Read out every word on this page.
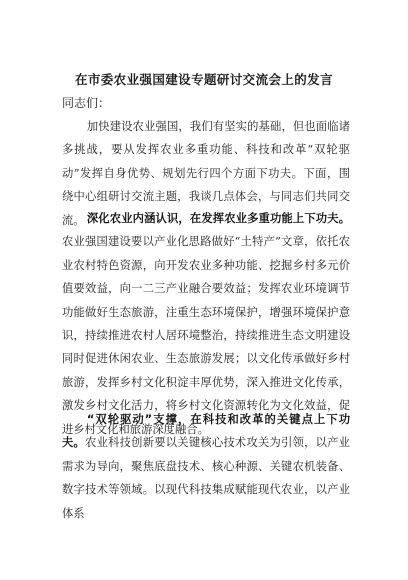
在市委农业强国建设专题研讨交流会上的发言

同志们：

加快建设农业强国，我们有坚实的基础，但也面临诸多挑战，要从发挥农业多重功能、科技和改革“双轮驱动”发挥自身优势、规划先行四个方面下功夫。下面，围绕中心组研讨交流主题，我谈几点体会，与同志们共同交流。 深化农业内涵认识，在发挥农业多重功能上下功夫。农业强国建设要以产业化思路做好“土特产”文章，依托农业农村特色资源，向开发农业多种功能、挖掘乡村多元价值要效益，向一二三产业融合要效益；发挥农业环境调节功能做好生态旅游，注重生态环境保护，增强环境保护意识，持续推进农村人居环境整治，持续推进生态文明建设同时促进休闲农业、生态旅游发展；以文化传承做好乡村旅游，发挥乡村文化积淀丰厚优势，深入推进文化传承，激发乡村文化活力，将乡村文化资源转化为文化效益，促进乡村文化和旅游深度融合。

“双轮驱动”支撑，在科技和改革的关键点上下功夫。农业科技创新要以关键核心技术攻关为引领，以产业需求为导向，聚焦底盘技术、核心种源、关键农机装备、数字技术等领域。以现代科技集成赋能现代农业，以产业体系
